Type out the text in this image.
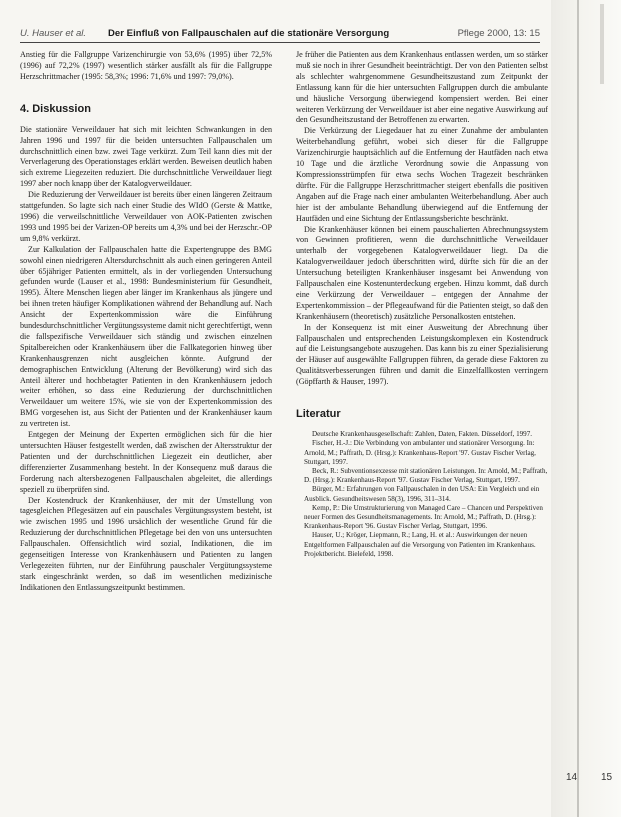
U. Hauser et al. Der Einfluß von Fallpauschalen auf die stationäre Versorgung	Pflege 2000, 13: 15

Anstieg für die Fallgruppe Varizenchirurgie von 53,6% (1995) über 72,5% (1996) auf 72,2% (1997) wesentlich stärker ausfällt als für die Fallgruppe Herzschrittmacher (1995: 58,3%; 1996: 71,6% und 1997: 79,0%).

4. Diskussion

Die stationäre Verweildauer hat sich mit leichten Schwankungen in den Jahren 1996 und 1997 für die beiden untersuchten Fallpauschalen um durchschnittlich einen bzw. zwei Tage verkürzt. Zum Teil kann dies mit der Ververlagerung des Operationstages erklärt werden. Beweisen deutlich haben sich extreme Liegezeiten reduziert. Die durchschnittliche Verweildauer liegt 1997 aber noch knapp über der Katalogverweildauer.

Die Reduzierung der Verweildauer ist bereits über einen längeren Zeitraum stattgefunden. So lagte sich nach einer Studie des WIdO (Gerste & Mattke, 1996) die verweilschnittliche Verweildauer von AOK-Patienten zwischen 1993 und 1995 bei der Varizen-OP bereits um 4,3% und bei der Herzschr.-OP um 9,8% verkürzt.

Zur Kalkulation der Fallpauschalen hatte die Expertengruppe des BMG sowohl einen niedrigeren Altersdurchschnitt als auch einen geringeren Anteil über 65jähriger Patienten ermittelt, als in der vorliegenden Untersuchung gefunden wurde (Lauser et al., 1998: Bundesministerium für Gesundheit, 1995). Ältere Menschen liegen aber länger im Krankenhaus als jüngere und bei ihnen treten häufiger Komplikationen während der Behandlung auf. Nach Ansicht der Expertenkommission wäre die Einführung bundesdurchschnittlicher Vergütungssysteme damit nicht gerechtfertigt, wenn die fallspezifische Verweildauer sich ständig und zwischen einzelnen Spitalbereichen oder Krankenhäusern über die Fallkategorien hinweg über Krankenhausgrenzen nicht ausgleichen könnte. Aufgrund der demographischen Entwicklung (Alterung der Bevölkerung) wird sich das Anteil älterer und hochbetagter Patienten in den Krankenhäusern jedoch weiter erhöhen, so dass eine Reduzierung der durchschnittlichen Verweildauer um weitere 15%, wie sie von der Expertenkommission des BMG vorgesehen ist, aus Sicht der Patienten und der Krankenhäuser kaum zu vertreten ist.

Entgegen der Meinung der Experten ermöglichen sich für die hier untersuchten Häuser festgestellt werden, daß zwischen der Altersstruktur der Patienten und der durchschnittlichen Liegezeit ein deutlicher, aber differenzierter Zusammenhang besteht. In der Konsequenz muß daraus die Forderung nach altersbezogenen Fallpauschalen abgeleitet, die allerdings speziell zu überprüfen sind.

Der Kostendruck der Krankenhäuser, der mit der Umstellung von tagesgleichen Pflegesätzen auf ein pauschales Vergütungssystem besteht, ist wie zwischen 1995 und 1996 ursächlich der wesentliche Grund für die Reduzierung der durchschnittlichen Pflegetage bei den von uns untersuchten Fallpauschalen. Offensichtlich wird sozial, Indikationen, die im gegenseitigen Interesse von Krankenhäusern und Patienten zu langen Verlegezeiten führten, nur der Einführung pauschaler Vergütungssysteme stark eingeschränkt werden, so daß im wesentlichen medizinische Indikationen den Entlassungszeitpunkt bestimmen.

Je früher die Patienten aus dem Krankenhaus entlassen werden, um so stärker muß sie noch in ihrer Gesundheit beeinträchtigt. Der von den Patienten selbst als schlechter wahrgenommene Gesundheitszustand zum Zeitpunkt der Entlassung kann für die hier untersuchten Fallgruppen durch die ambulante und häusliche Versorgung überwiegend kompensiert werden. Bei einer weiteren Verkürzung der Verweildauer ist aber eine negative Auswirkung auf den Gesundheitszustand der Betroffenen zu erwarten.

Die Verkürzung der Liegedauer hat zu einer Zunahme der ambulanten Weiterbehandlung geführt, wobei sich dieser für die Fallgruppe Varizenchirurgie hauptsächlich auf die Entfernung der Hautfäden nach etwa 10 Tage und die ärztliche Verordnung sowie die Anpassung von Kompressionsstrümpfen für etwa sechs Wochen Tragezeit beschränken dürfte. Für die Fallgruppe Herzschrittmacher steigert ebenfalls die positiven Angaben auf die Frage nach einer ambulanten Weiterbehandlung. Aber auch hier ist der ambulante Behandlung überwiegend auf die Entfernung der Hautfäden und eine Sichtung der Entlassungsberichte beschränkt.

Die Krankenhäuser können bei einem pauschalierten Abrechnungssystem von Gewinnen profitieren, wenn die durchschnittliche Verweildauer unterhalb der vorgegebenen Katalogverweildauer liegt. Da die Katalogverweildauer jedoch überschritten wird, dürfte sich für die an der Untersuchung beteiligten Krankenhäuser insgesamt bei Anwendung von Fallpauschalen eine Kostenunterdeckung ergeben. Hinzu kommt, daß durch eine Verkürzung der Verweildauer – entgegen der Annahme der Expertenkommission – der Pflegeaufwand für die Patienten steigt, so daß den Krankenhäusern (theoretisch) zusätzliche Personalkosten entstehen.

In der Konsequenz ist mit einer Ausweitung der Abrechnung über Fallpauschalen und entsprechenden Leistungskomplexen ein Kostendruck auf die Leistungsangebote auszugehen. Das kann bis zu einer Spezialisierung der Häuser auf ausgewählte Fallgruppen führen, da gerade diese Faktoren zu Qualitätsverbesserungen führen und damit die Einzelfallkosten verringern (Göpffarth & Hauser, 1997).

Literatur

Deutsche Krankenhausgesellschaft: Zahlen, Daten, Fakten. Düsseldorf, 1997.

Fischer, H.-J.: Die Verbindung von ambulanter und stationärer Versorgung. In: Arnold, M.; Paffrath, D. (Hrsg.): Krankenhaus-Report '97. Gustav Fischer Verlag, Stuttgart, 1997.

Beck, R.: Subventionsexzesse mit stationären Leistungen. In: Arnold, M.; Paffrath, D. (Hrsg.): Krankenhaus-Report '97. Gustav Fischer Verlag, Stuttgart, 1997.

Bürger, M.: Erfahrungen von Fallpauschalen in den USA: Ein Vergleich und ein Ausblick. Gesundheitswesen 58(3), 1996, 311–314.

Kemp, P.: Die Umstrukturierung von Managed Care – Chancen und Perspektiven neuer Formen des Gesundheitsmanagements. In: Arnold, M.; Paffrath, D. (Hrsg.): Krankenhaus-Report '96. Gustav Fischer Verlag, Stuttgart, 1996.

Hauser, U.; Kröger, Liepmann, R.; Lang, H. et al.: Auswirkungen der neuen Entgeltformen Fallpauschalen auf die Versorgung von Patienten im Krankenhaus. Projektbericht. Bielefeld, 1998.

14 15
